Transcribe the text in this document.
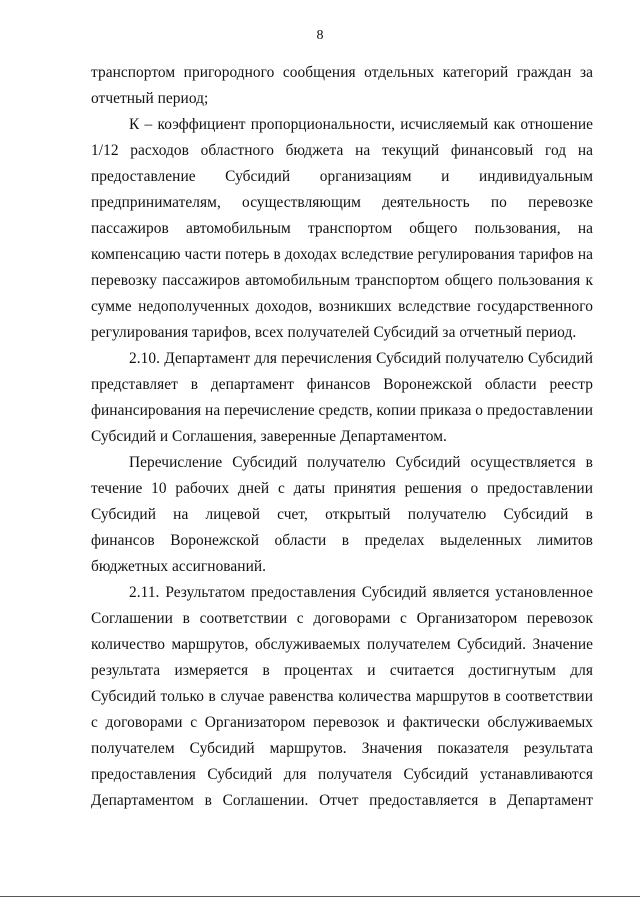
8
транспортом пригородного сообщения отдельных категорий граждан за
отчетный период;
К – коэффициент пропорциональности, исчисляемый как отношение
1/12 расходов областного бюджета на текущий финансовый год на
предоставление Субсидий организациям и индивидуальным
предпринимателям, осуществляющим деятельность по перевозке
пассажиров автомобильным транспортом общего пользования, на
компенсацию части потерь в доходах вследствие регулирования тарифов на
перевозку пассажиров автомобильным транспортом общего пользования к
сумме недополученных доходов, возникших вследствие государственного
регулирования тарифов, всех получателей Субсидий за отчетный период.
2.10. Департамент для перечисления Субсидий получателю Субсидий
представляет в департамент финансов Воронежской области реестр
финансирования на перечисление средств, копии приказа о предоставлении
Субсидий и Соглашения, заверенные Департаментом.
Перечисление Субсидий получателю Субсидий осуществляется в
течение 10 рабочих дней с даты принятия решения о предоставлении
Субсидий на лицевой счет, открытый получателю Субсидий в
финансов Воронежской области в пределах выделенных лимитов
бюджетных ассигнований.
2.11. Результатом предоставления Субсидий является установленное
Соглашении в соответствии с договорами с Организатором перевозок
количество маршрутов, обслуживаемых получателем Субсидий. Значение
результата измеряется в процентах и считается достигнутым для
Субсидий только в случае равенства количества маршрутов в соответствии
с договорами с Организатором перевозок и фактически обслуживаемых
получателем Субсидий маршрутов. Значения показателя результата
предоставления Субсидий для получателя Субсидий устанавливаются
Департаментом в Соглашении. Отчет предоставляется в Департамент
